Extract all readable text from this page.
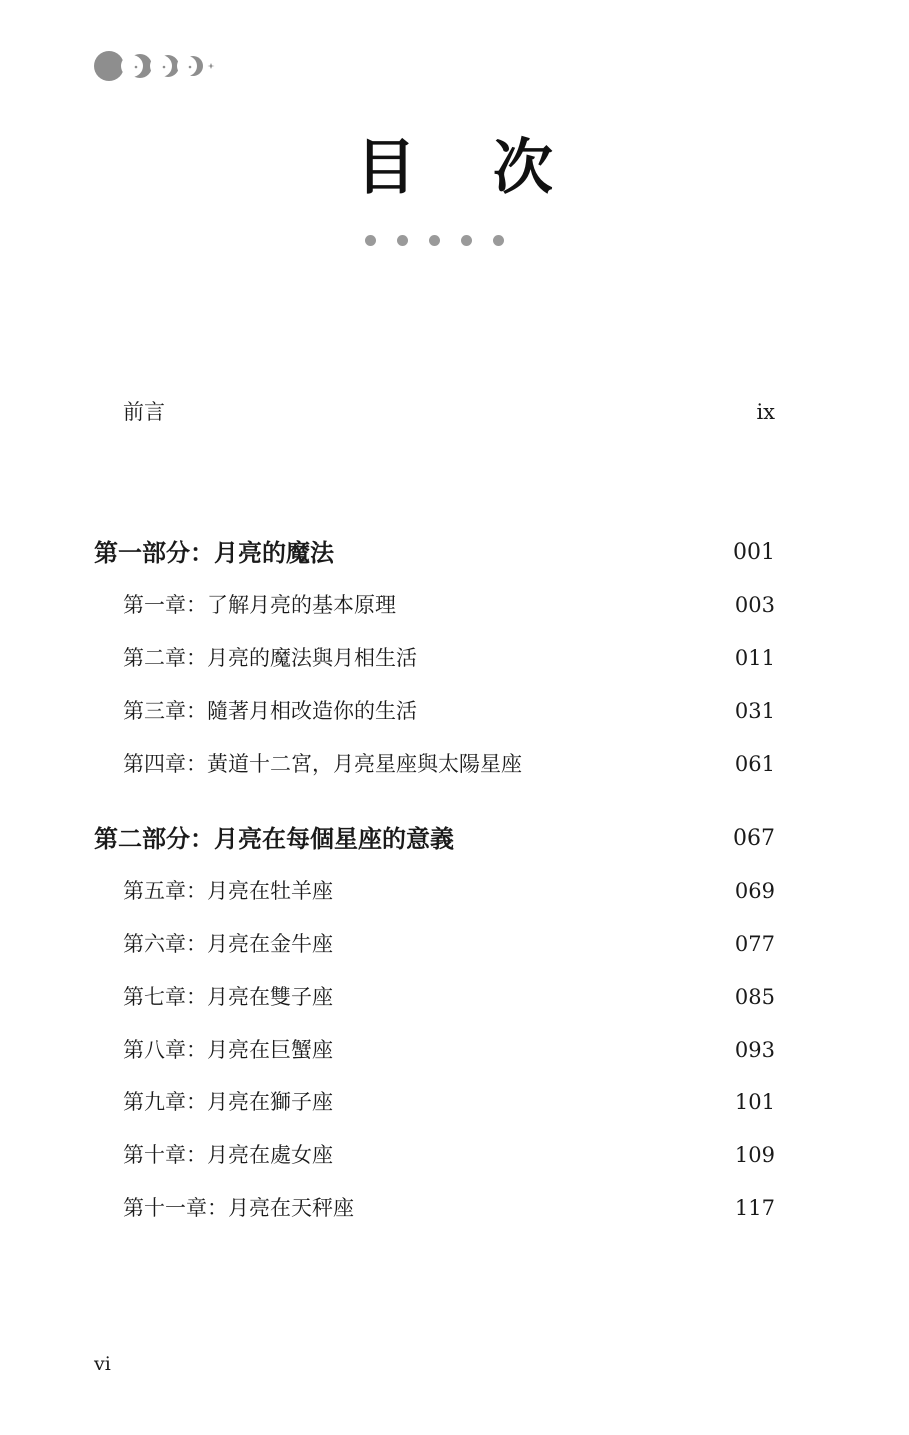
目 次
前言	ix
第一部分：月亮的魔法	001
第一章：了解月亮的基本原理	003
第二章：月亮的魔法與月相生活	011
第三章：隨著月相改造你的生活	031
第四章：黃道十二宮，月亮星座與太陽星座	061
第二部分：月亮在每個星座的意義	067
第五章：月亮在牡羊座	069
第六章：月亮在金牛座	077
第七章：月亮在雙子座	085
第八章：月亮在巨蟹座	093
第九章：月亮在獅子座	101
第十章：月亮在處女座	109
第十一章：月亮在天秤座	117
vi
